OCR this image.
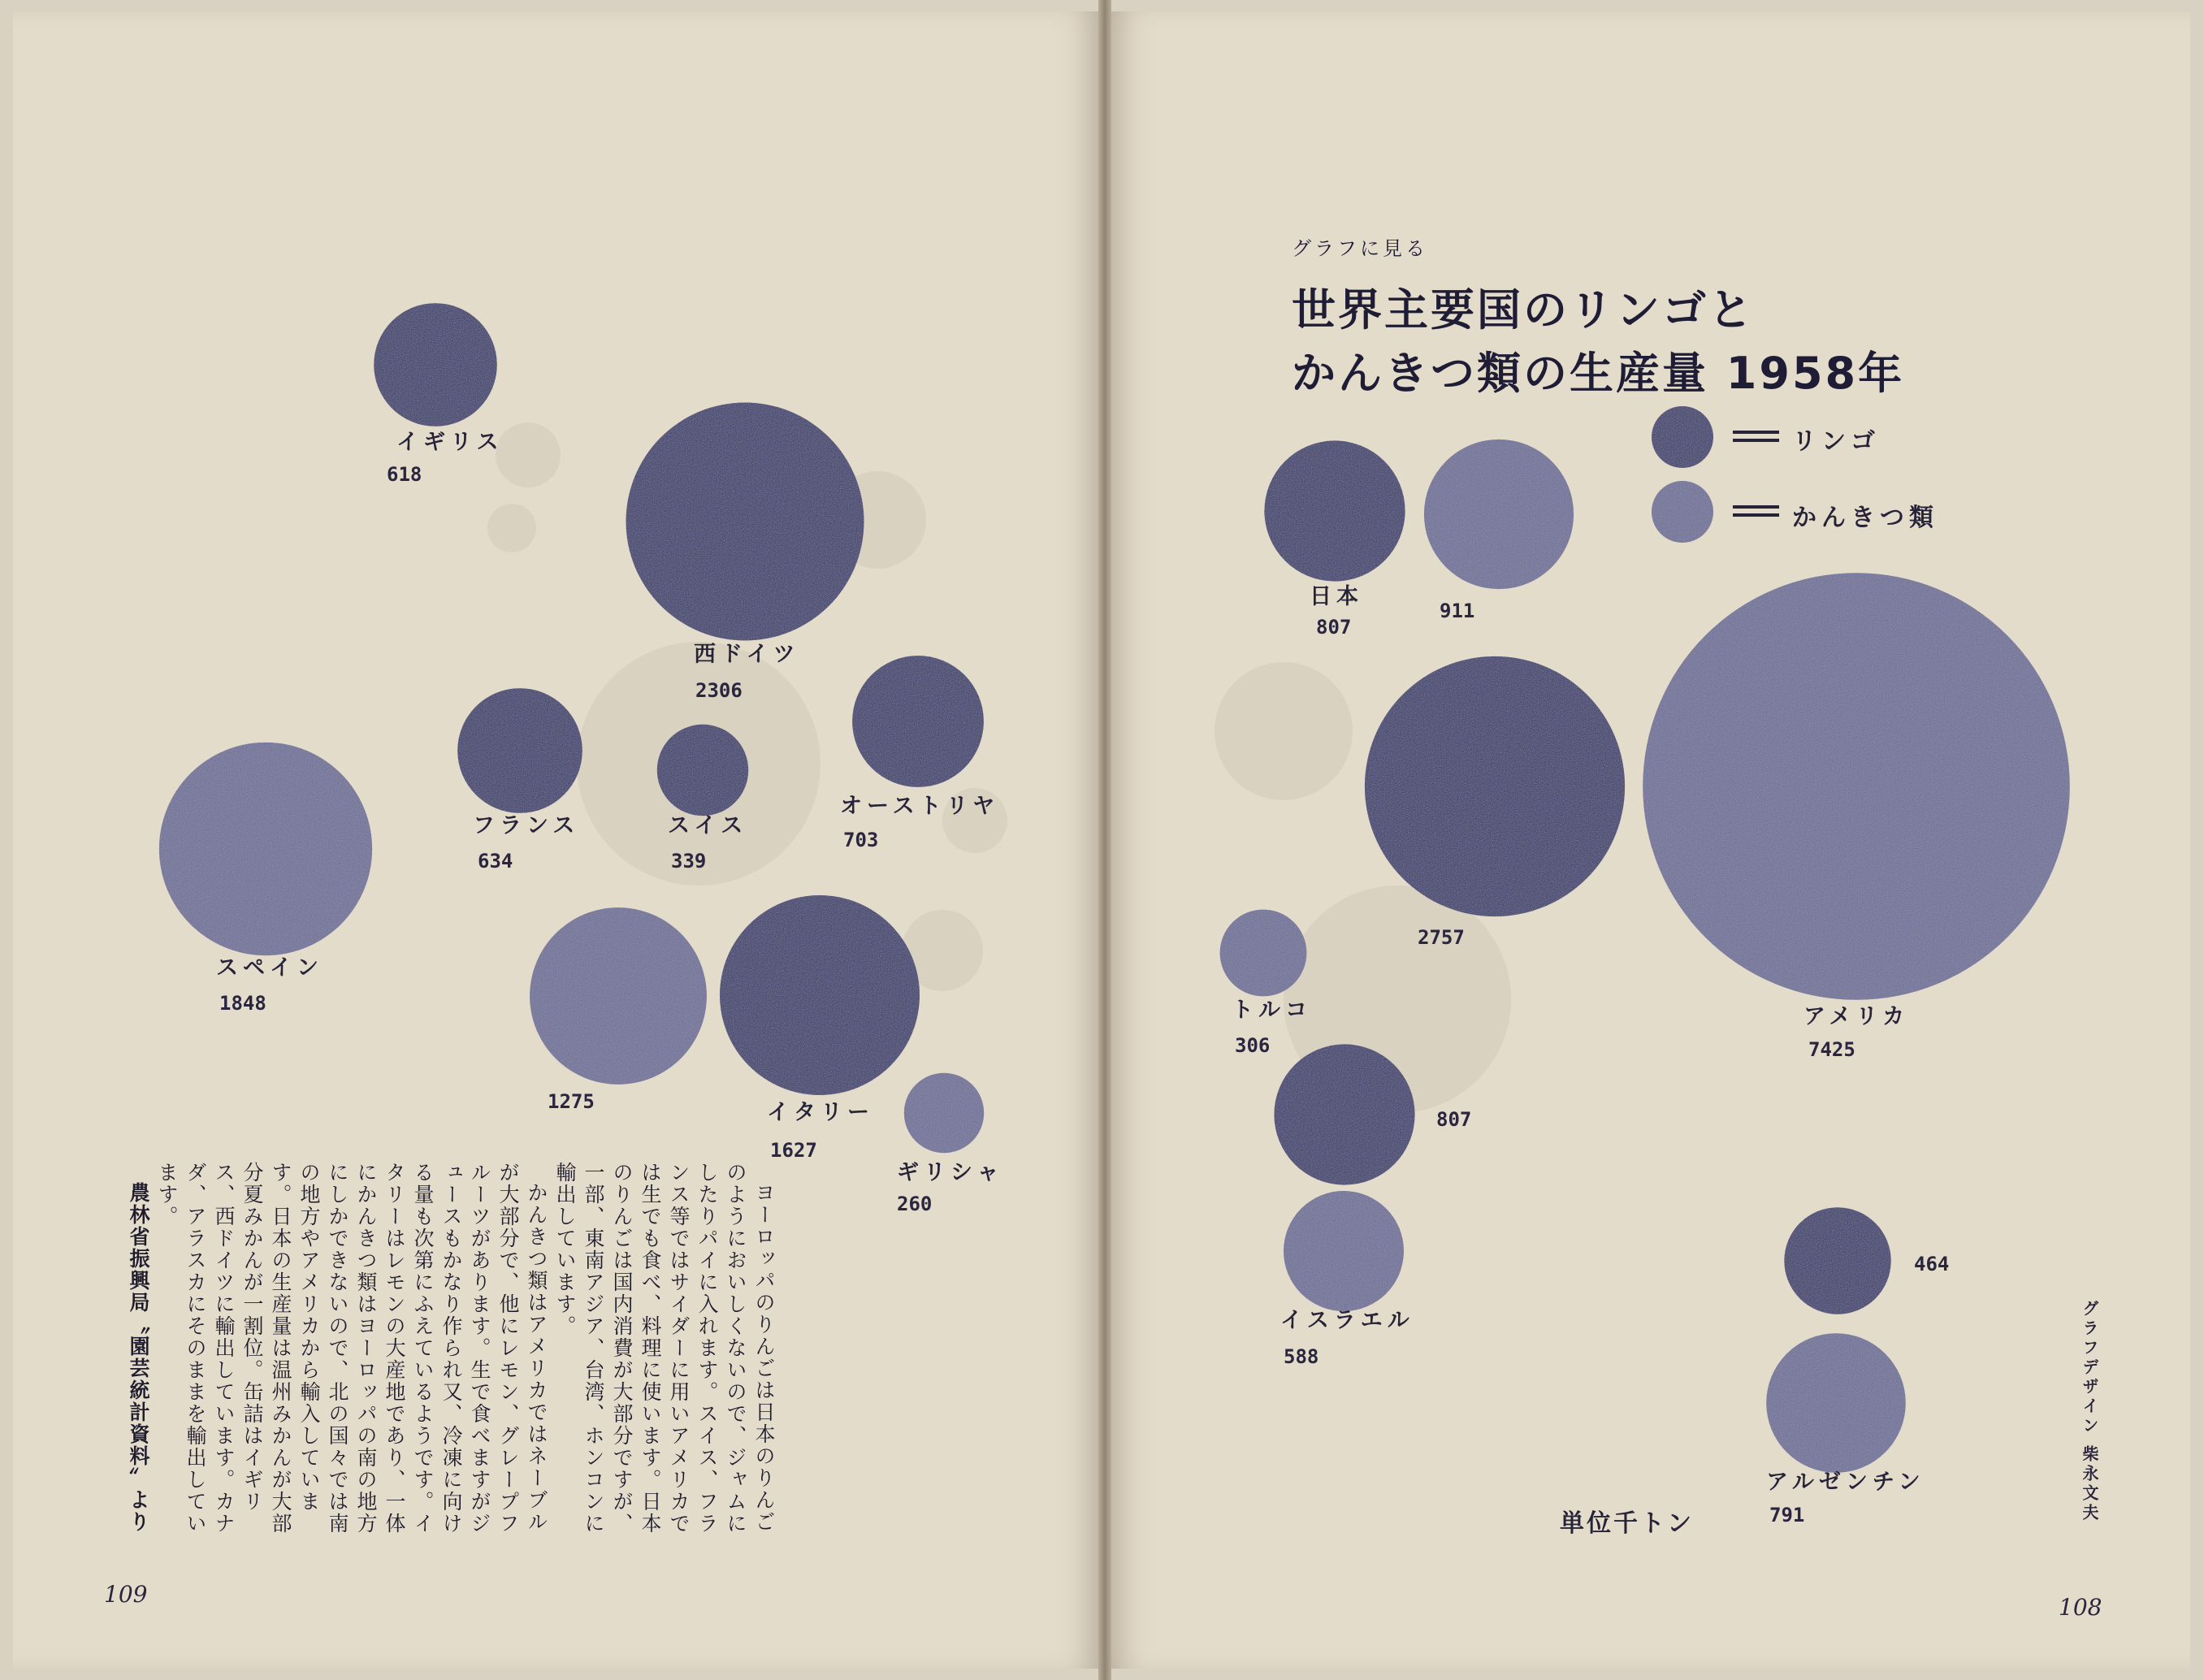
イギリス
618
西ドイツ
2306
フランス
634
スイス
339
オーストリヤ
703
イタリー
1627
日本
807
2757
807
464
スペイン
1848
1275
ギリシャ
260
911
アメリカ
7425
トルコ
306
イスラエル
588
アルゼンチン
791
グラフに見る
世界主要国のリンゴと
かんきつ類の生産量 1958年
リンゴ
かんきつ類
単位千トン
グラフデザイン 柴永文夫

ヨーロッパのりんごは日本のりんごのようにおいしくないので、ジャムにしたりパイに入れます。スイス、フランス等ではサイダーに用いアメリカでは生でも食べ、料理に使います。日本のりんごは国内消費が大部分ですが、一部、東南アジア、台湾、ホンコンに輸出しています。

かんきつ類はアメリカではネーブルが大部分で、他にレモン、グレープフルーツがあります。生で食べますがジュースもかなり作られ又、冷凍に向ける量も次第にふえているようです。イタリーはレモンの大産地であり、一体にかんきつ類はヨーロッパの南の地方にしかできないので、北の国々では南の地方やアメリカから輸入しています。日本の生産量は温州みかんが大部分夏みかんが一割位。缶詰はイギリス、西ドイツに輸出しています。カナダ、アラスカにそのままを輸出しています。

農林省振興局〝園芸統計資料〟より

109	108
